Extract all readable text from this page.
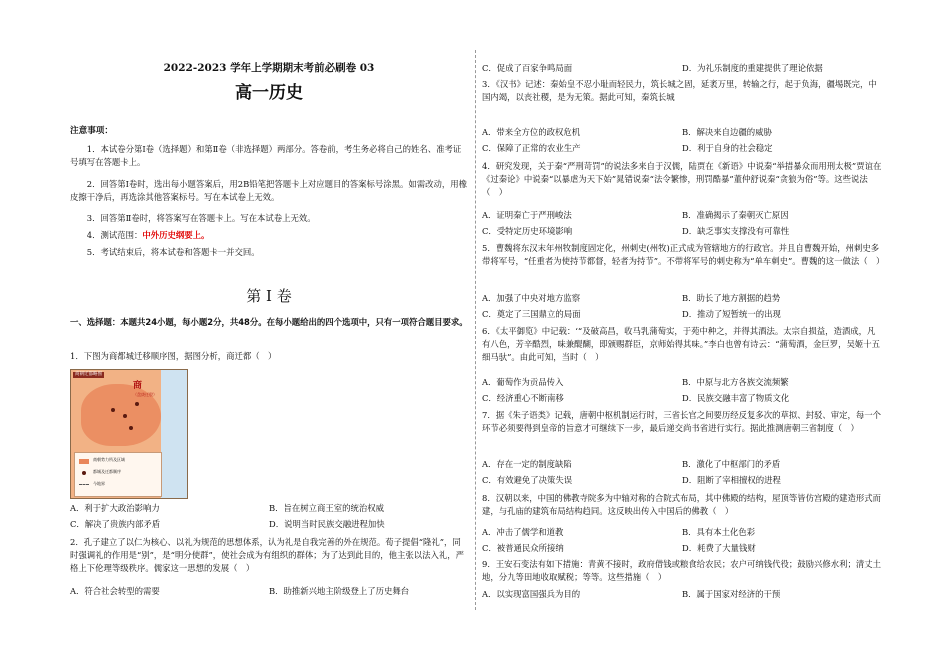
2022-2023 学年上学期期末考前必刷卷 03
高一历史
注意事项：

1．本试卷分第Ⅰ卷（选择题）和第Ⅱ卷（非选择题）两部分。答卷前，考生务必将自己的姓名、准考证号填写在答题卡上。

2．回答第Ⅰ卷时，选出每小题答案后，用2B铅笔把答题卡上对应题目的答案标号涂黑。如需改动，用橡皮擦干净后，再选涂其他答案标号。写在本试卷上无效。

3．回答第Ⅱ卷时，将答案写在答题卡上。写在本试卷上无效。

4．测试范围：中外历史纲要上。

5．考试结束后，将本试卷和答题卡一并交回。

第 I 卷
一、选择题：本题共24小题，每小题2分，共48分。在每小题给出的四个选项中，只有一项符合题目要求。
1．下图为商都城迁移顺序图，据图分析，商迁都（　）
商朝迁都略图
商
（盘庚迁殷）
商朝势力所及区域
都城及迁都顺序
今地界
A．利于扩大政治影响力	B．旨在树立商王室的统治权威
C．解决了贵族内部矛盾	D．说明当时民族交融进程加快

2．孔子建立了以仁为核心、以礼为规范的思想体系，认为礼是自我完善的外在规范。荀子提倡“隆礼”，同时强调礼的作用是“别”，是“明分使群”，使社会成为有组织的群体；为了达到此目的，他主张以法入礼，严格上下伦理等级秩序。儒家这一思想的发展（　）

A．符合社会转型的需要	B．助推新兴地主阶级登上了历史舞台
C．促成了百家争鸣局面	D．为礼乐制度的重建提供了理论依据
3．《汉书》记述：秦始皇不忍小耻而轻民力，筑长城之固，延袤万里，转输之行，起于负海，疆埸既完，中国内竭，以丧社稷，是为无策。据此可知，秦筑长城
A．带来全方位的政权危机	B．解决来自边疆的威胁
C．保障了正常的农业生产	D．利于自身的社会稳定
4．研究发现，关于秦“严刑苛罚”的说法多来自于汉儒，陆贾在《新语》中说秦“举措暴众而用刑太极”贾谊在《过秦论》中说秦“以暴虐为天下始”晁错说秦“法令繁惨，刑罚酷暴”董仲舒说秦“贪狼为俗”等。这些说法（　）
A．证明秦亡于严刑峻法	B．准确揭示了秦朝灭亡原因
C．受特定历史环境影响	D．缺乏事实支撑没有可靠性
5．曹魏将东汉末年州牧制度固定化，州刺史(州牧)正式成为管辖地方的行政官。并且自曹魏开始，州刺史多带将军号，“任重者为使持节都督，轻者为持节”。不带将军号的刺史称为“单车刺史”。曹魏的这一做法（　）
A．加强了中央对地方监察	B．助长了地方割据的趋势
C．奠定了三国鼎立的局面	D．推动了短暂统一的出现
6．《太平御览》中记载：‘“及破高昌，收马乳蒲萄实，于苑中种之，并得其酒法。太宗自损益，造酒成，凡有八色，芳辛酷烈，味兼醍醐，即颁赐群臣，京师始得其味。”李白也曾有诗云：“蒲萄酒，金巨罗，吴姬十五细马驮”。由此可知，当时（　）
A．葡萄作为贡品传入	B．中原与北方各族交流频繁
C．经济重心不断南移	D．民族交融丰富了物质文化
7．据《朱子语类》记载，唐朝中枢机制运行时，三省长官之间要历经反复多次的草拟、封驳、审定，每一个环节必须要得到皇帝的旨意才可继续下一步，最后递交尚书省进行实行。据此推测唐朝三省制度（　）
A．存在一定的制度缺陷	B．激化了中枢部门的矛盾
C．有效避免了决策失误	D．阻断了宰相擅权的进程
8．汉朝以来，中国的佛教寺院多为中轴对称的合院式布局，其中佛殿的结构，屋顶等皆仿宫殿的建造形式而建，与孔庙的建筑布局结构趋同。这反映出传入中国后的佛教（　）
A．冲击了儒学和道教	B．具有本土化色彩
C．被普通民众所接纳	D．耗费了大量钱财
9．王安石变法有如下措施：青黄不接时，政府借钱或粮食给农民；农户可纳钱代役；鼓励兴修水利；清丈土地，分九等田地收取赋税；等等。这些措施（　）
A．以实现富国强兵为目的	B．属于国家对经济的干预
